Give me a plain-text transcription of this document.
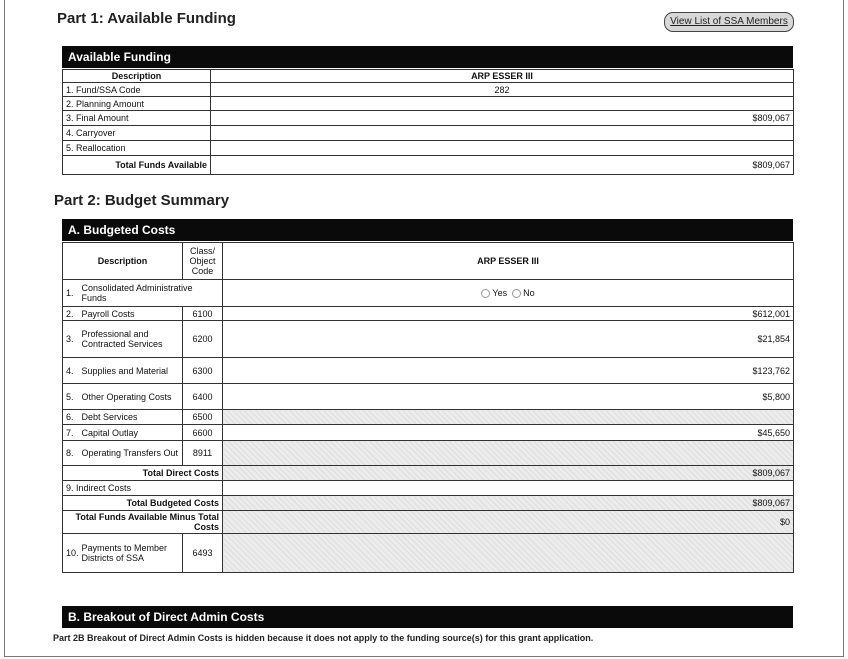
Part 1: Available Funding	View List of SSA Members
Available Funding
Description	ARP ESSER III
1. Fund/SSA Code	282
2. Planning Amount	
3. Final Amount	$809,067
4. Carryover	
5. Reallocation	
Total Funds Available	$809,067
Part 2: Budget Summary
A. Budgeted Costs
Description		Class/ Object Code	ARP ESSER III
1.	Consolidated Administrative Funds		Yes No
2.	Payroll Costs	6100	$612,001
3.	Professional and Contracted Services	6200	$21,854
4.	Supplies and Material	6300	$123,762
5.	Other Operating Costs	6400	$5,800
6.	Debt Services	6500	
7.	Capital Outlay	6600	$45,650
8.	Operating Transfers Out	8911	
Total Direct Costs			$809,067
9. Indirect Costs			
Total Budgeted Costs			$809,067
Total Funds Available Minus Total Costs			$0
10.	Payments to Member Districts of SSA	6493	
B. Breakout of Direct Admin Costs
Part 2B Breakout of Direct Admin Costs is hidden because it does not apply to the funding source(s) for this grant application.
